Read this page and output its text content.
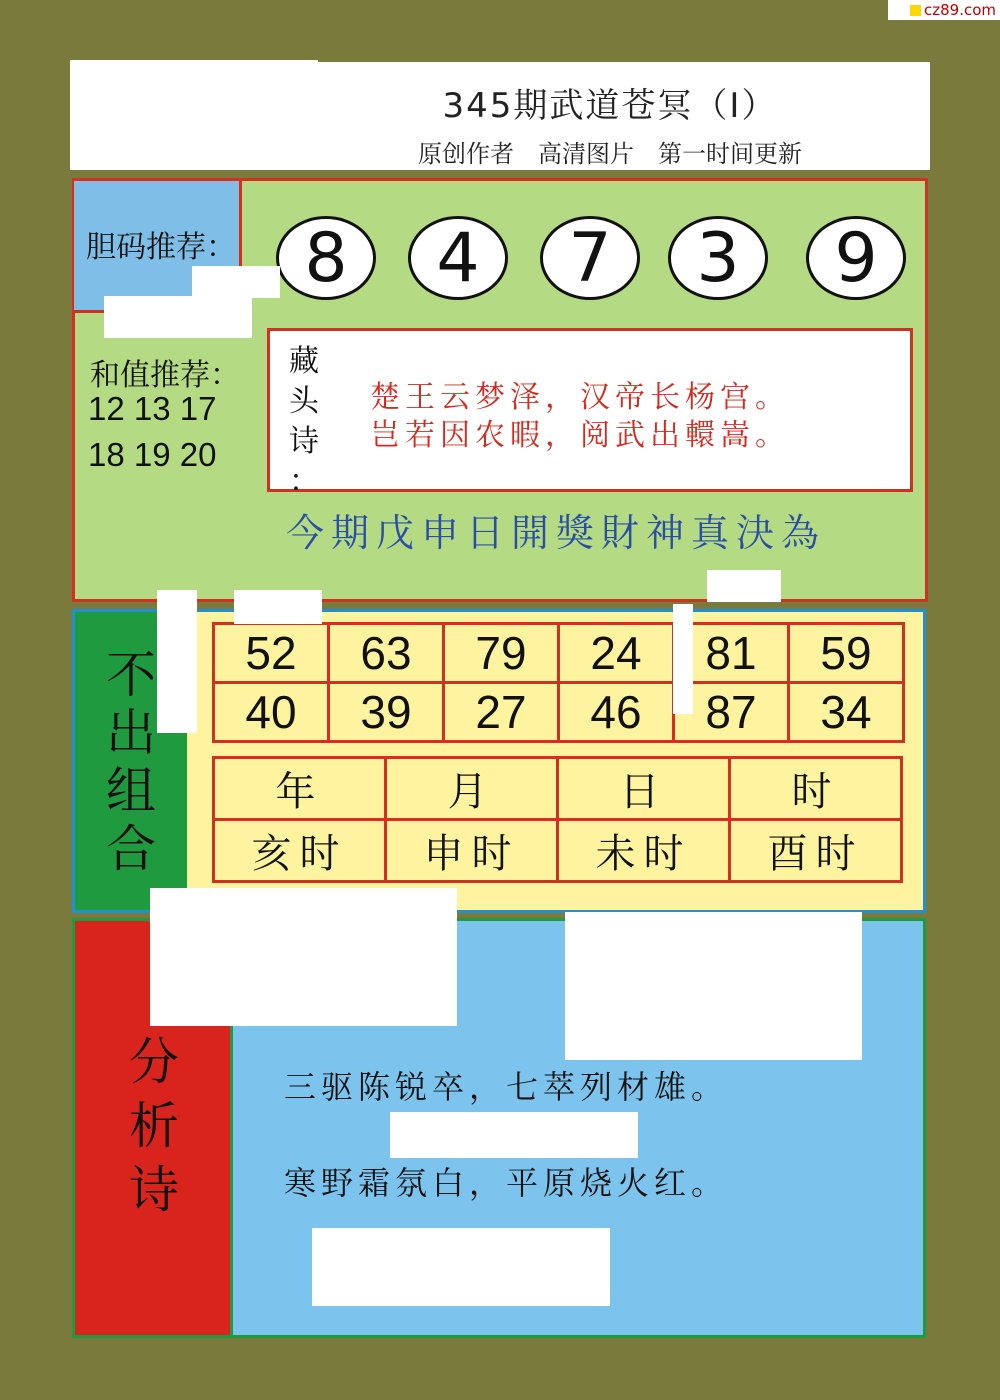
cz89.com
345期武道苍冥（Ⅰ）
原创作者　高清图片　第一时间更新
胆码推荐：	8	4	7	3	9
和值推荐：
12 13 17
18 19 20
藏
头
诗
：
楚王云梦泽，汉帝长杨宫。
岂若因农暇，阅武出轘嵩。
今期戊申日開獎財神真決為
不
出
组
合
52	63	79	24	81	59
40	39	27	46	87	34
年	月	日	时
亥时	申时	未时	酉时
分
析
诗
三驱陈锐卒，七萃列材雄。
寒野霜氛白，平原烧火红。
